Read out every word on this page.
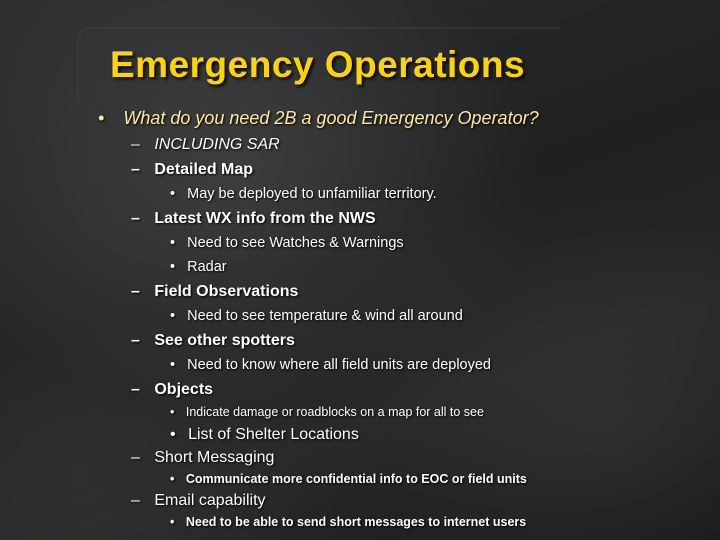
Emergency Operations
• What do you need 2B a good Emergency Operator?
– INCLUDING SAR
– Detailed Map
• May be deployed to unfamiliar territory.
– Latest WX info from the NWS
• Need to see Watches & Warnings
• Radar
– Field Observations
• Need to see temperature & wind all around
– See other spotters
• Need to know where all field units are deployed
– Objects
• Indicate damage or roadblocks on a map for all to see
• List of Shelter Locations
– Short Messaging
• Communicate more confidential info to EOC or field units
– Email capability
• Need to be able to send short messages to internet users
